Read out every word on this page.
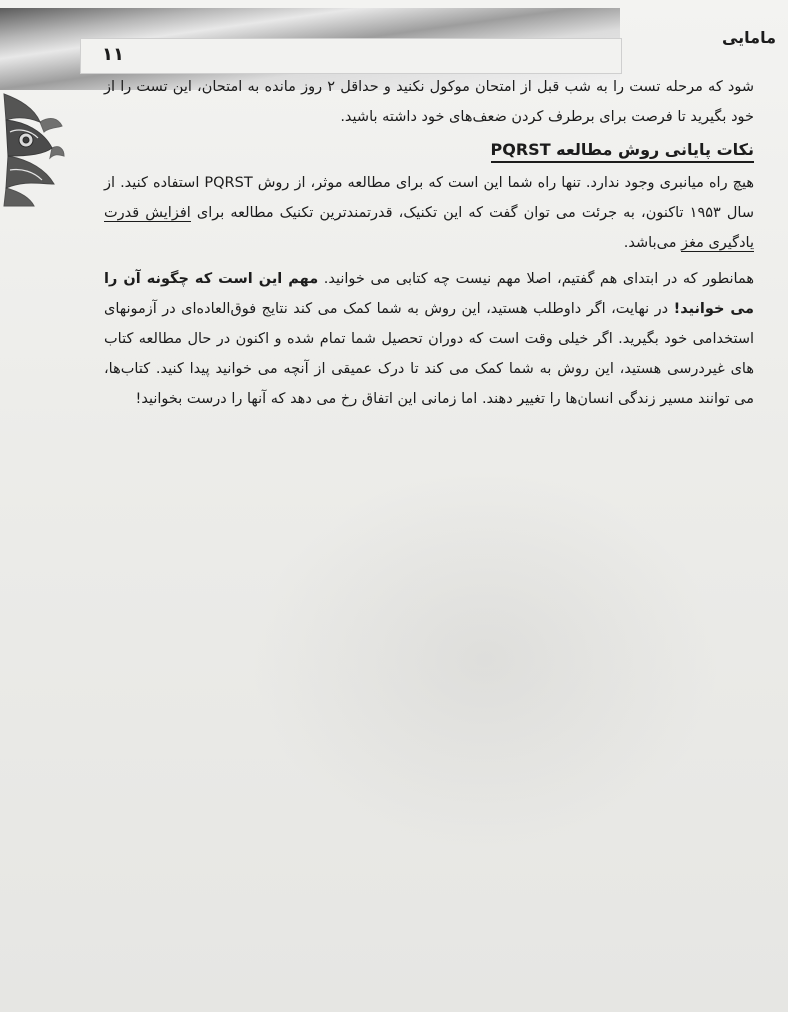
۱۱
مامایی

شود که مرحله تست را به شب قبل از امتحان موکول نکنید و حداقل ۲ روز مانده به امتحان، این تست را از خود بگیرید تا فرصت برای برطرف کردن ضعف‌های خود داشته باشید.

نکات پایانی روش مطالعه PQRST

هیچ راه میانبری وجود ندارد. تنها راه شما این است که برای مطالعه موثر، از روش PQRST استفاده کنید. از سال ۱۹۵۳ تاکنون، به جرئت می توان گفت که این تکنیک، قدرتمندترین تکنیک مطالعه برای افزایش قدرت یادگیری مغز می‌باشد.

همانطور که در ابتدای هم گفتیم، اصلا مهم نیست چه کتابی می خوانید. مهم این است که چگونه آن را می خوانید! در نهایت، اگر داوطلب هستید، این روش به شما کمک می کند نتایج فوق‌العاده‌ای در آزمونهای استخدامی خود بگیرید. اگر خیلی وقت است که دوران تحصیل شما تمام شده و اکنون در حال مطالعه کتاب های غیردرسی هستید، این روش به شما کمک می کند تا درک عمیقی از آنچه می خوانید پیدا کنید. کتاب‌ها، می توانند مسیر زندگی انسان‌ها را تغییر دهند. اما زمانی این اتفاق رخ می دهد که آنها را درست بخوانید!
